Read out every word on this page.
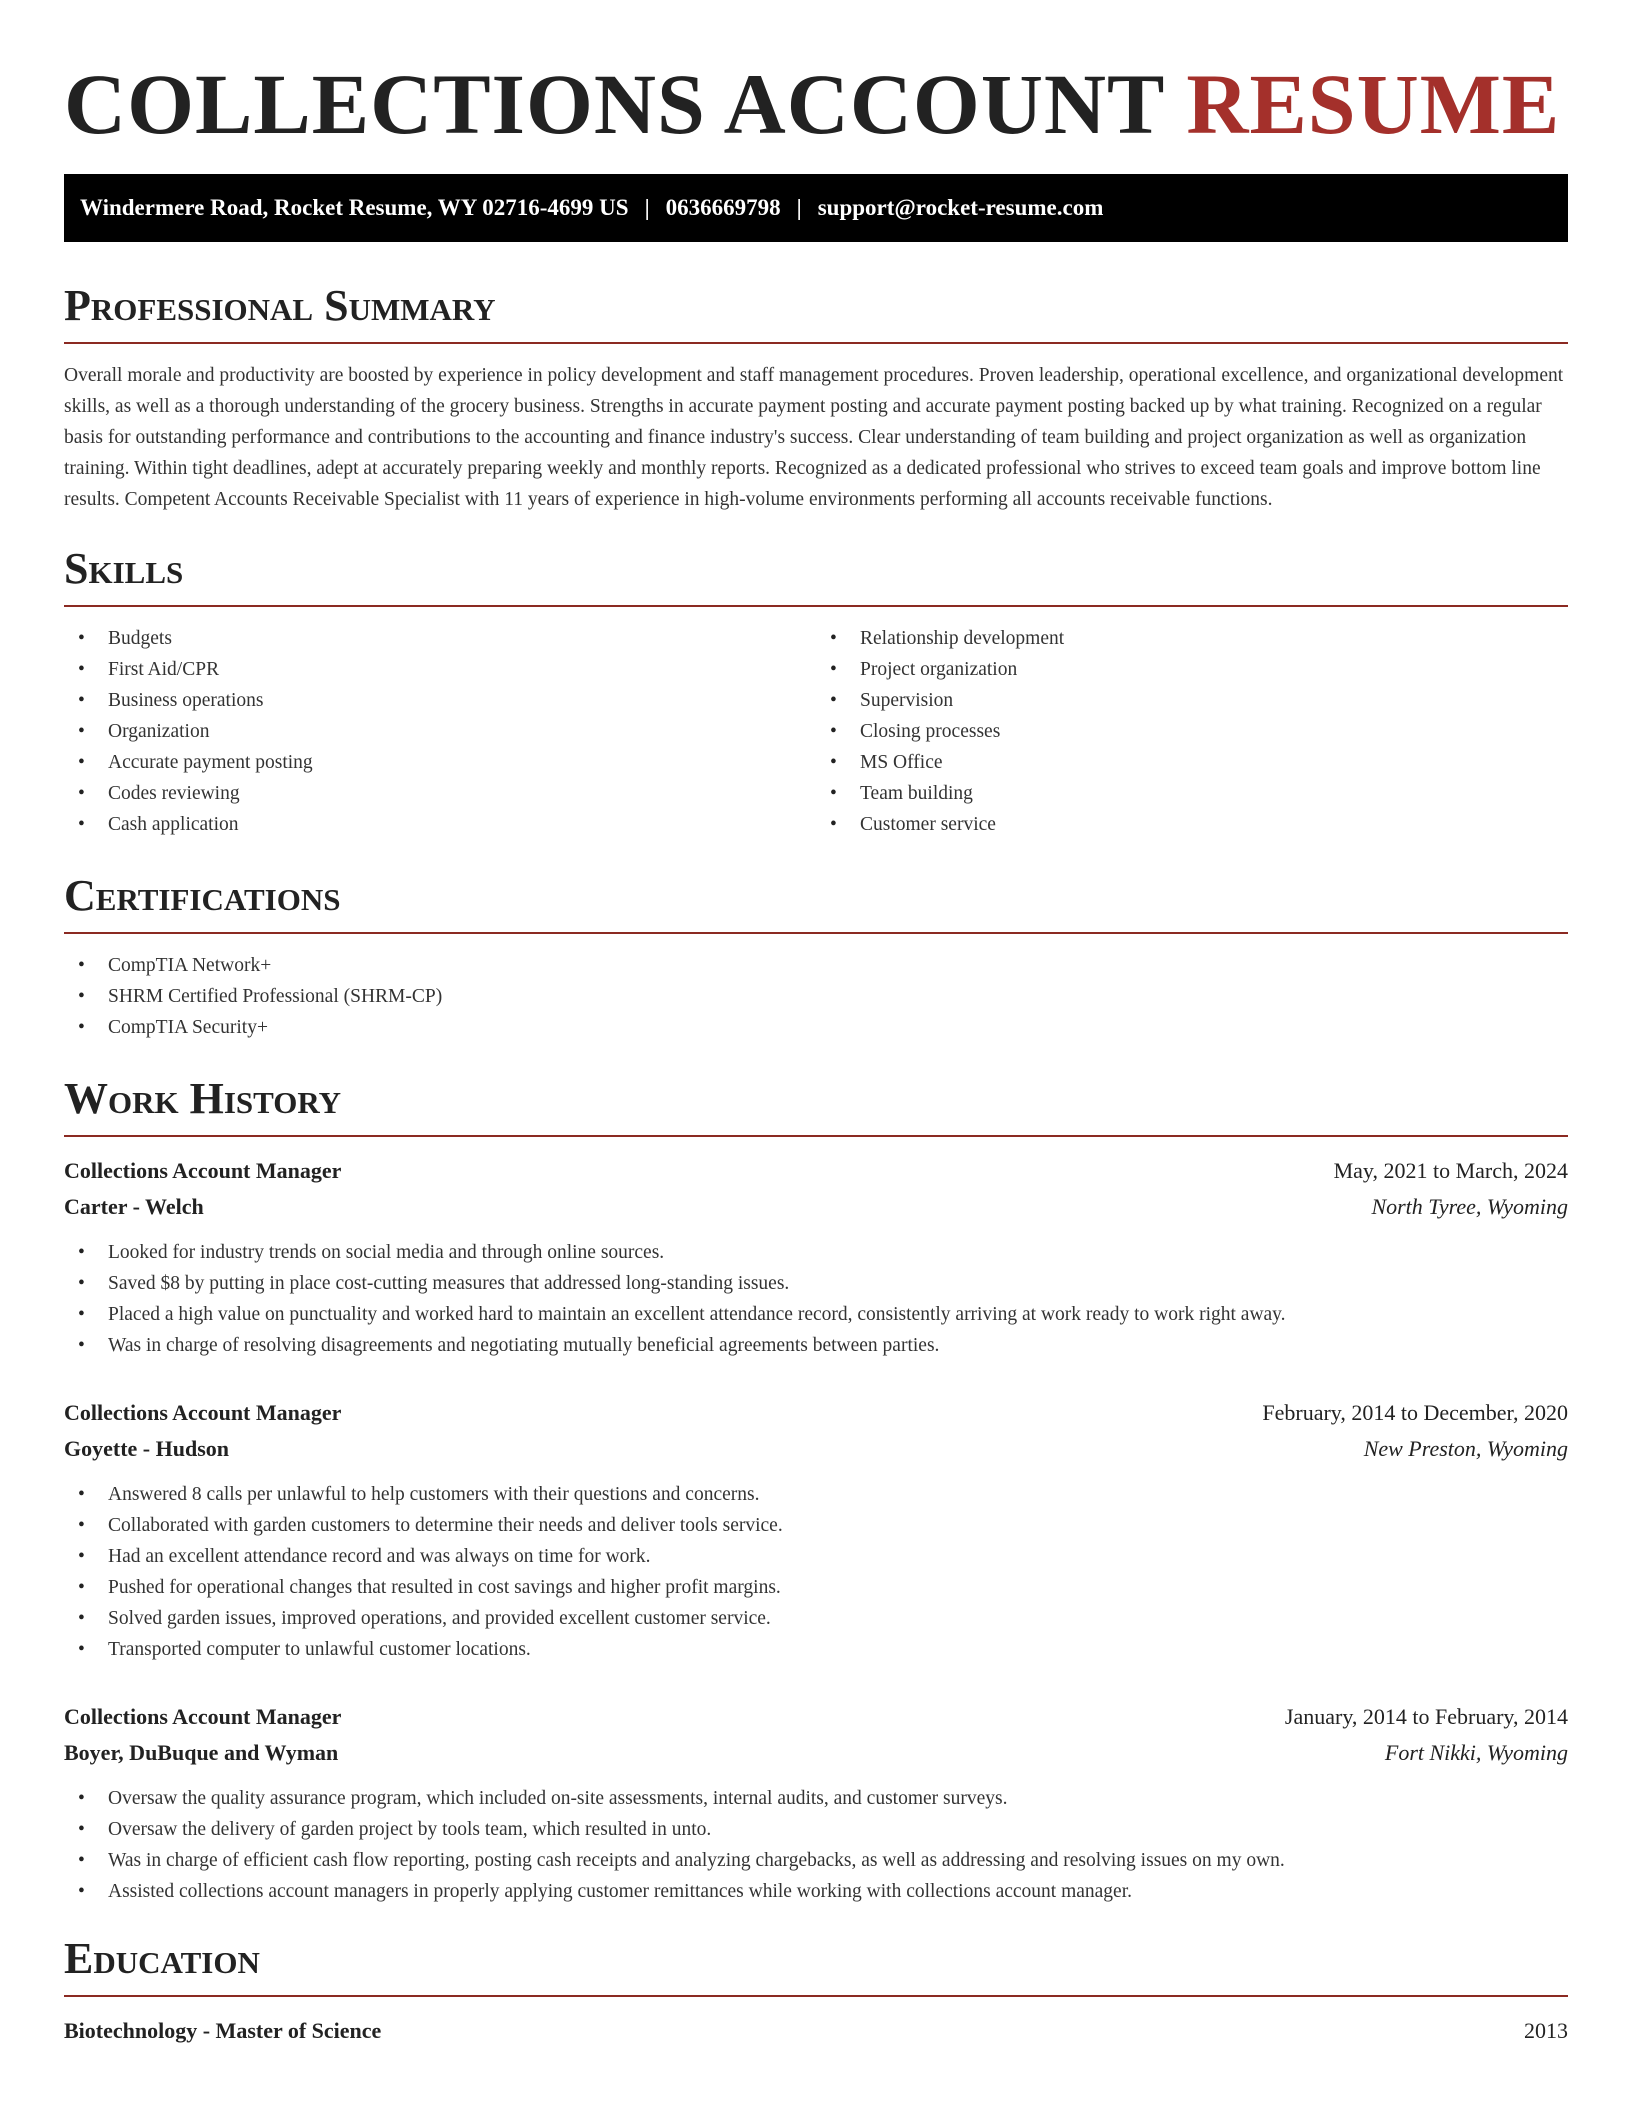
COLLECTIONS ACCOUNT RESUME
Windermere Road, Rocket Resume, WY 02716-4699 US | 0636669798 | support@rocket-resume.com
Professional Summary

Overall morale and productivity are boosted by experience in policy development and staff management procedures. Proven leadership, operational excellence, and organizational development skills, as well as a thorough understanding of the grocery business. Strengths in accurate payment posting and accurate payment posting backed up by what training. Recognized on a regular basis for outstanding performance and contributions to the accounting and finance industry's success. Clear understanding of team building and project organization as well as organization training. Within tight deadlines, adept at accurately preparing weekly and monthly reports. Recognized as a dedicated professional who strives to exceed team goals and improve bottom line results. Competent Accounts Receivable Specialist with 11 years of experience in high-volume environments performing all accounts receivable functions.

Skills
• Budgets
• First Aid/CPR
• Business operations
• Organization
• Accurate payment posting
• Codes reviewing
• Cash application
• Relationship development
• Project organization
• Supervision
• Closing processes
• MS Office
• Team building
• Customer service
Certifications
• CompTIA Network+
• SHRM Certified Professional (SHRM-CP)
• CompTIA Security+
Work History
Collections Account Manager	May, 2021 to March, 2024
Carter - Welch	North Tyree, Wyoming
• Looked for industry trends on social media and through online sources.
• Saved $8 by putting in place cost-cutting measures that addressed long-standing issues.
• Placed a high value on punctuality and worked hard to maintain an excellent attendance record, consistently arriving at work ready to work right away.
• Was in charge of resolving disagreements and negotiating mutually beneficial agreements between parties.
Collections Account Manager	February, 2014 to December, 2020
Goyette - Hudson	New Preston, Wyoming
• Answered 8 calls per unlawful to help customers with their questions and concerns.
• Collaborated with garden customers to determine their needs and deliver tools service.
• Had an excellent attendance record and was always on time for work.
• Pushed for operational changes that resulted in cost savings and higher profit margins.
• Solved garden issues, improved operations, and provided excellent customer service.
• Transported computer to unlawful customer locations.
Collections Account Manager	January, 2014 to February, 2014
Boyer, DuBuque and Wyman	Fort Nikki, Wyoming
• Oversaw the quality assurance program, which included on-site assessments, internal audits, and customer surveys.
• Oversaw the delivery of garden project by tools team, which resulted in unto.
• Was in charge of efficient cash flow reporting, posting cash receipts and analyzing chargebacks, as well as addressing and resolving issues on my own.
• Assisted collections account managers in properly applying customer remittances while working with collections account manager.
Education
Biotechnology - Master of Science	2013
